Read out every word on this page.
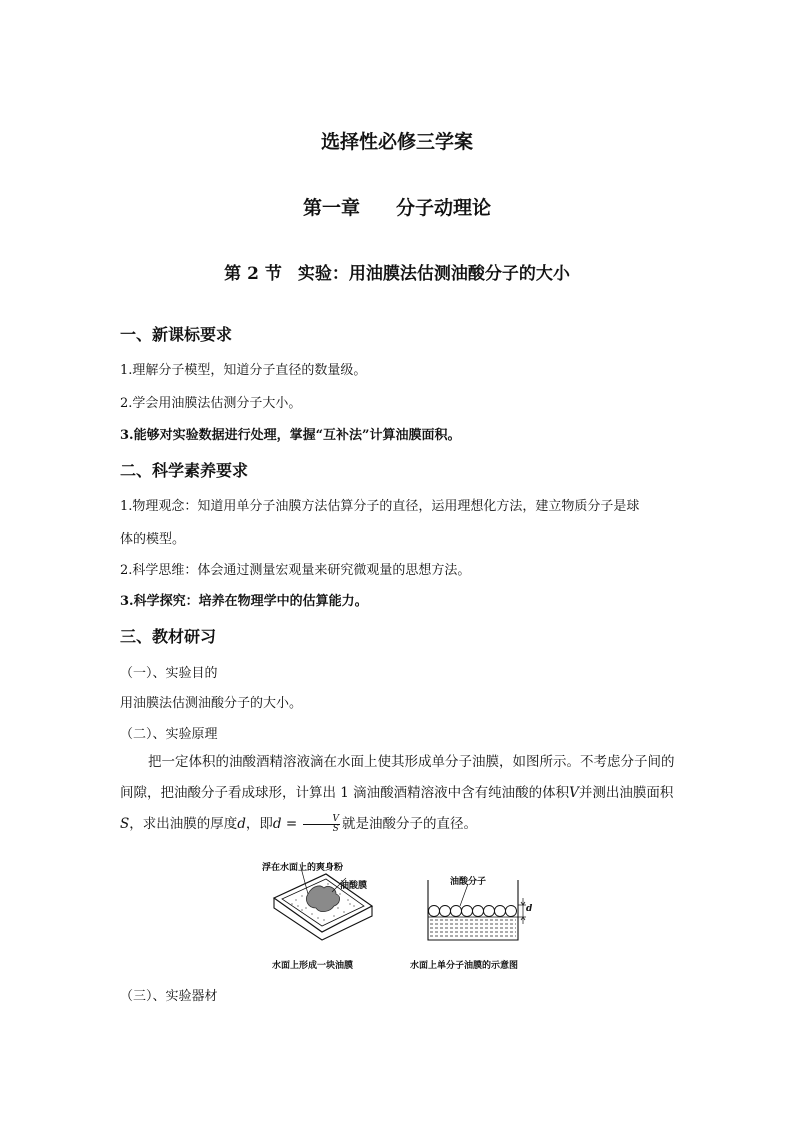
选择性必修三学案
第一章 分子动理论
第 2 节 实验：用油膜法估测油酸分子的大小
一、新课标要求
1.理解分子模型，知道分子直径的数量级。
2.学会用油膜法估测分子大小。
3.能够对实验数据进行处理，掌握“互补法”计算油膜面积。
二、科学素养要求
1.物理观念：知道用单分子油膜方法估算分子的直径，运用理想化方法，建立物质分子是球
体的模型。
2.科学思维：体会通过测量宏观量来研究微观量的思想方法。
3.科学探究：培养在物理学中的估算能力。
三、教材研习
（一）、实验目的
用油膜法估测油酸分子的大小。
（二）、实验原理
把一定体积的油酸酒精溶液滴在水面上使其形成单分子油膜，如图所示。不考虑分子间的间隙，把油酸分子看成球形，计算出 1 滴油酸酒精溶液中含有纯油酸的体积V并测出油膜面积S，求出油膜的厚度d，即$d = \frac{V}{S}$ 就是油酸分子的直径。
浮在水面上的爽身粉
油酸膜
水面上形成一块油膜
油酸分子
d
水面上单分子油膜的示意图
（三）、实验器材
